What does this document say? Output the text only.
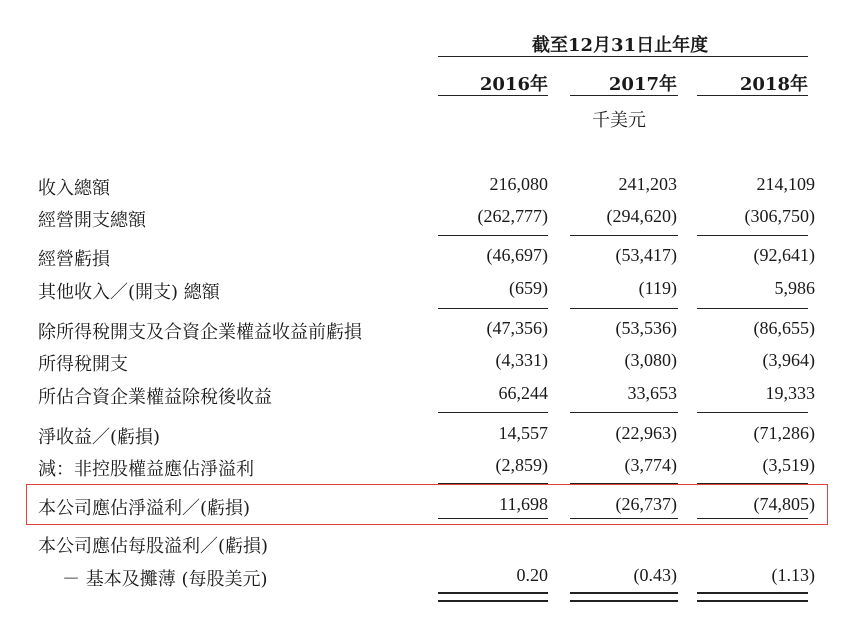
截至12月31日止年度
2016年	2017年	2018年
千美元
收入總額	216,080	241,203	214,109
經營開支總額	(262,777)	(294,620)	(306,750)
經營虧損	(46,697)	(53,417)	(92,641)
其他收入／(開支) 總額	(659)	(119)	5,986
除所得稅開支及合資企業權益收益前虧損	(47,356)	(53,536)	(86,655)
所得稅開支	(4,331)	(3,080)	(3,964)
所佔合資企業權益除稅後收益	66,244	33,653	19,333
淨收益／(虧損)	14,557	(22,963)	(71,286)
減：非控股權益應佔淨溢利	(2,859)	(3,774)	(3,519)
本公司應佔淨溢利／(虧損)	11,698	(26,737)	(74,805)
本公司應佔每股溢利／(虧損)
－ 基本及攤薄 (每股美元)	0.20	(0.43)	(1.13)
